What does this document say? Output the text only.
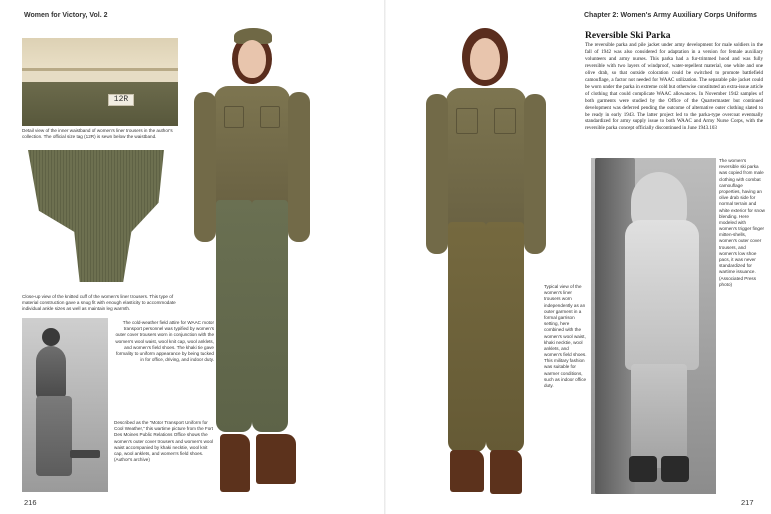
Women for Victory, Vol. 2
12R
Detail view of the inner waistband of women's liner trousers in the author's collection. The official size tag (12R) is sewn below the waistband.
Close-up view of the knitted cuff of the women's liner trousers. This type of material construction gave a snug fit with enough elasticity to accommodate individual ankle sizes as well as maintain leg warmth.
The cold-weather field attire for WAAC motor transport personnel was typified by women's outer cover trousers worn in conjunction with the women's wool waist, wool knit cap, wool anklets, and women's field shoes. The khaki tie gave formality to uniform appearance by being tucked in for office, driving, and indoor duty.
Described as the "Motor Transport Uniform for Cool Weather," this wartime picture from the Fort Des Moines Public Relations Office shows the women's outer cover trousers and women's wool waist accompanied by khaki necktie, wool knit cap, wool anklets, and women's field shoes. (Author's archive)
216
Chapter 2: Women's Army Auxiliary Corps Uniforms
Typical view of the women's liner trousers worn independently as an outer garment in a formal garrison setting, here combined with the women's wool waist, khaki necktie, wool anklets, and women's field shoes. This military fashion was suitable for warmer conditions, such as indoor office duty.
Reversible Ski Parka
The reversible parka and pile jacket under army development for male soldiers in the fall of 1942 was also considered for adaptation in a version for female auxiliary volunteers and army nurses. This parka had a fur-trimmed hood and was fully reversible with two layers of windproof, water-repellent material, one white and one olive drab, so that outside coloration could be switched to promote battlefield camouflage, a factor not needed for WAAC utilization. The separable pile jacket could be worn under the parka in extreme cold but otherwise constituted an extra-issue article of clothing that could complicate WAAC allowances. In November 1942 samples of both garments were studied by the Office of the Quartermaster but continued development was deferred pending the outcome of alternative outer clothing slated to be ready in early 1943. The latter project led to the parka-type overcoat eventually standardized for army supply issue to both WAAC and Army Nurse Corps, with the reversible parka concept officially discontinued in June 1943.103
The women's reversible ski parka was copied from male clothing with combat camouflage properties, having an olive drab side for normal terrain and white exterior for snow blending. Here modeled with women's trigger finger mitten-shells, women's outer cover trousers, and women's low shoe pacs, it was never standardized for wartime issuance. (Associated Press photo)
217
